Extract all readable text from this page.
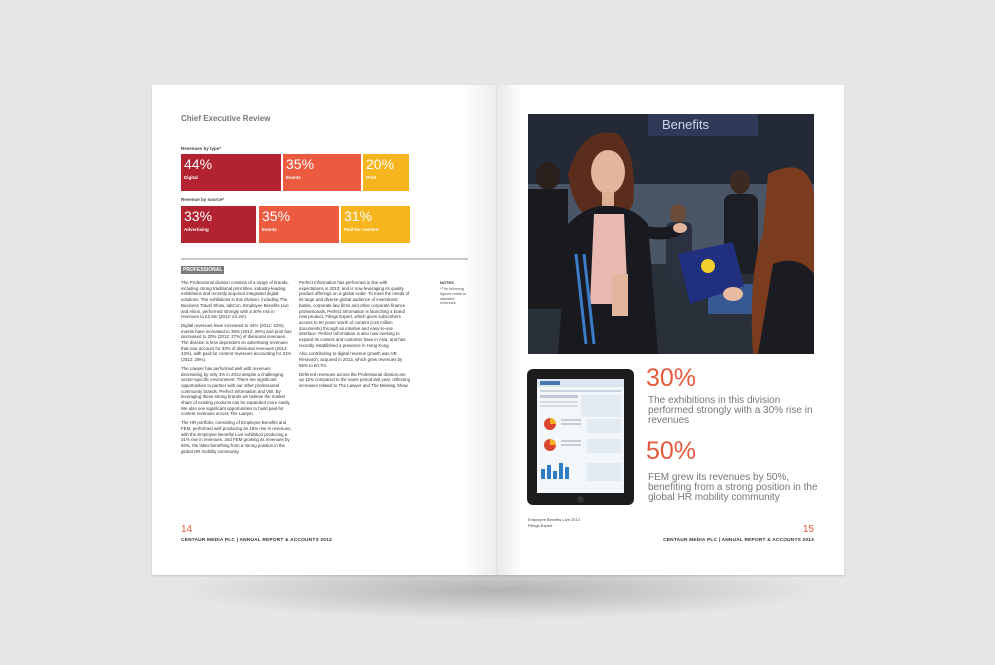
Chief Executive Review
Revenues by type*
44%
Digital
35%
Events
20%
Print
Revenue by source*
33%
Advertising
35%
Events
31%
Paid-for content
PROFESSIONAL

The Professional division consists of a range of brands, including strong traditional print titles, industry-leading exhibitions and recently acquired integrated digital solutions. The exhibitions in this division, including The Business Travel Show, IabCon, Employee Benefits Live and Akins, performed strongly with a 30% rise in revenues to £2.9m (2012: £2.2m).

Digital revenues have increased to 44% (2012: 42%), events have increased to 35% (2012: 29%) and print has decreased to 20% (2012: 27%) of divisional revenues. The division is less dependent on advertising revenues that now account for 33% of divisional revenues (2012: 43%), with paid-for content revenues accounting for 31% (2012: 28%).

The Lawyer has performed well with revenues decreasing by only 3% in 2013 despite a challenging sector-specific environment. There are significant opportunities to partner with our other professional community brands, Perfect Information and VBI. By leveraging these strong brands we believe the market share of existing products can be expanded more easily. We also see significant opportunities to build paid-for content revenues across The Lawyer.

The HR portfolio, consisting of Employee Benefits and FEM, performed well producing an 18% rise in revenues, with the Employee Benefits Live exhibition producing a 31% rise in revenues, and FEM growing its revenues by 50%, the latter benefiting from a strong position in the global HR mobility community.

Perfect Information has performed in line with expectations in 2013, and is now leveraging its quality product offerings on a global scale. To meet the needs of its large and diverse global audience of investment banks, corporate law firms and other corporate finance professionals, Perfect Information is launching a brand new product, Filings Expert, which gives subscribers access to 50 years' worth of content (≥15 million documents) through an intuitive and easy-to-use interface. Perfect Information is also now seeking to expand its content and customer base in Asia, and has recently established a presence in Hong Kong.

Also contributing to digital revenue growth was VB Research, acquired in 2013, which grew revenues by 96% to £0.7m.

Deferred revenues across the Professional division are up 12% compared to the same period last year, reflecting increases related to The Lawyer and The Meeting Show.

NOTES
*The following figures relate to adjusted revenues
14
CENTAUR MEDIA PLC | ANNUAL REPORT & ACCOUNTS 2013
Benefits
Employee Benefits Live 2013
Filings Expert
30%
The exhibitions in this division performed strongly with a 30% rise in revenues
50%
FEM grew its revenues by 50%, benefiting from a strong position in the global HR mobility community
15
CENTAUR MEDIA PLC | ANNUAL REPORT & ACCOUNTS 2013
